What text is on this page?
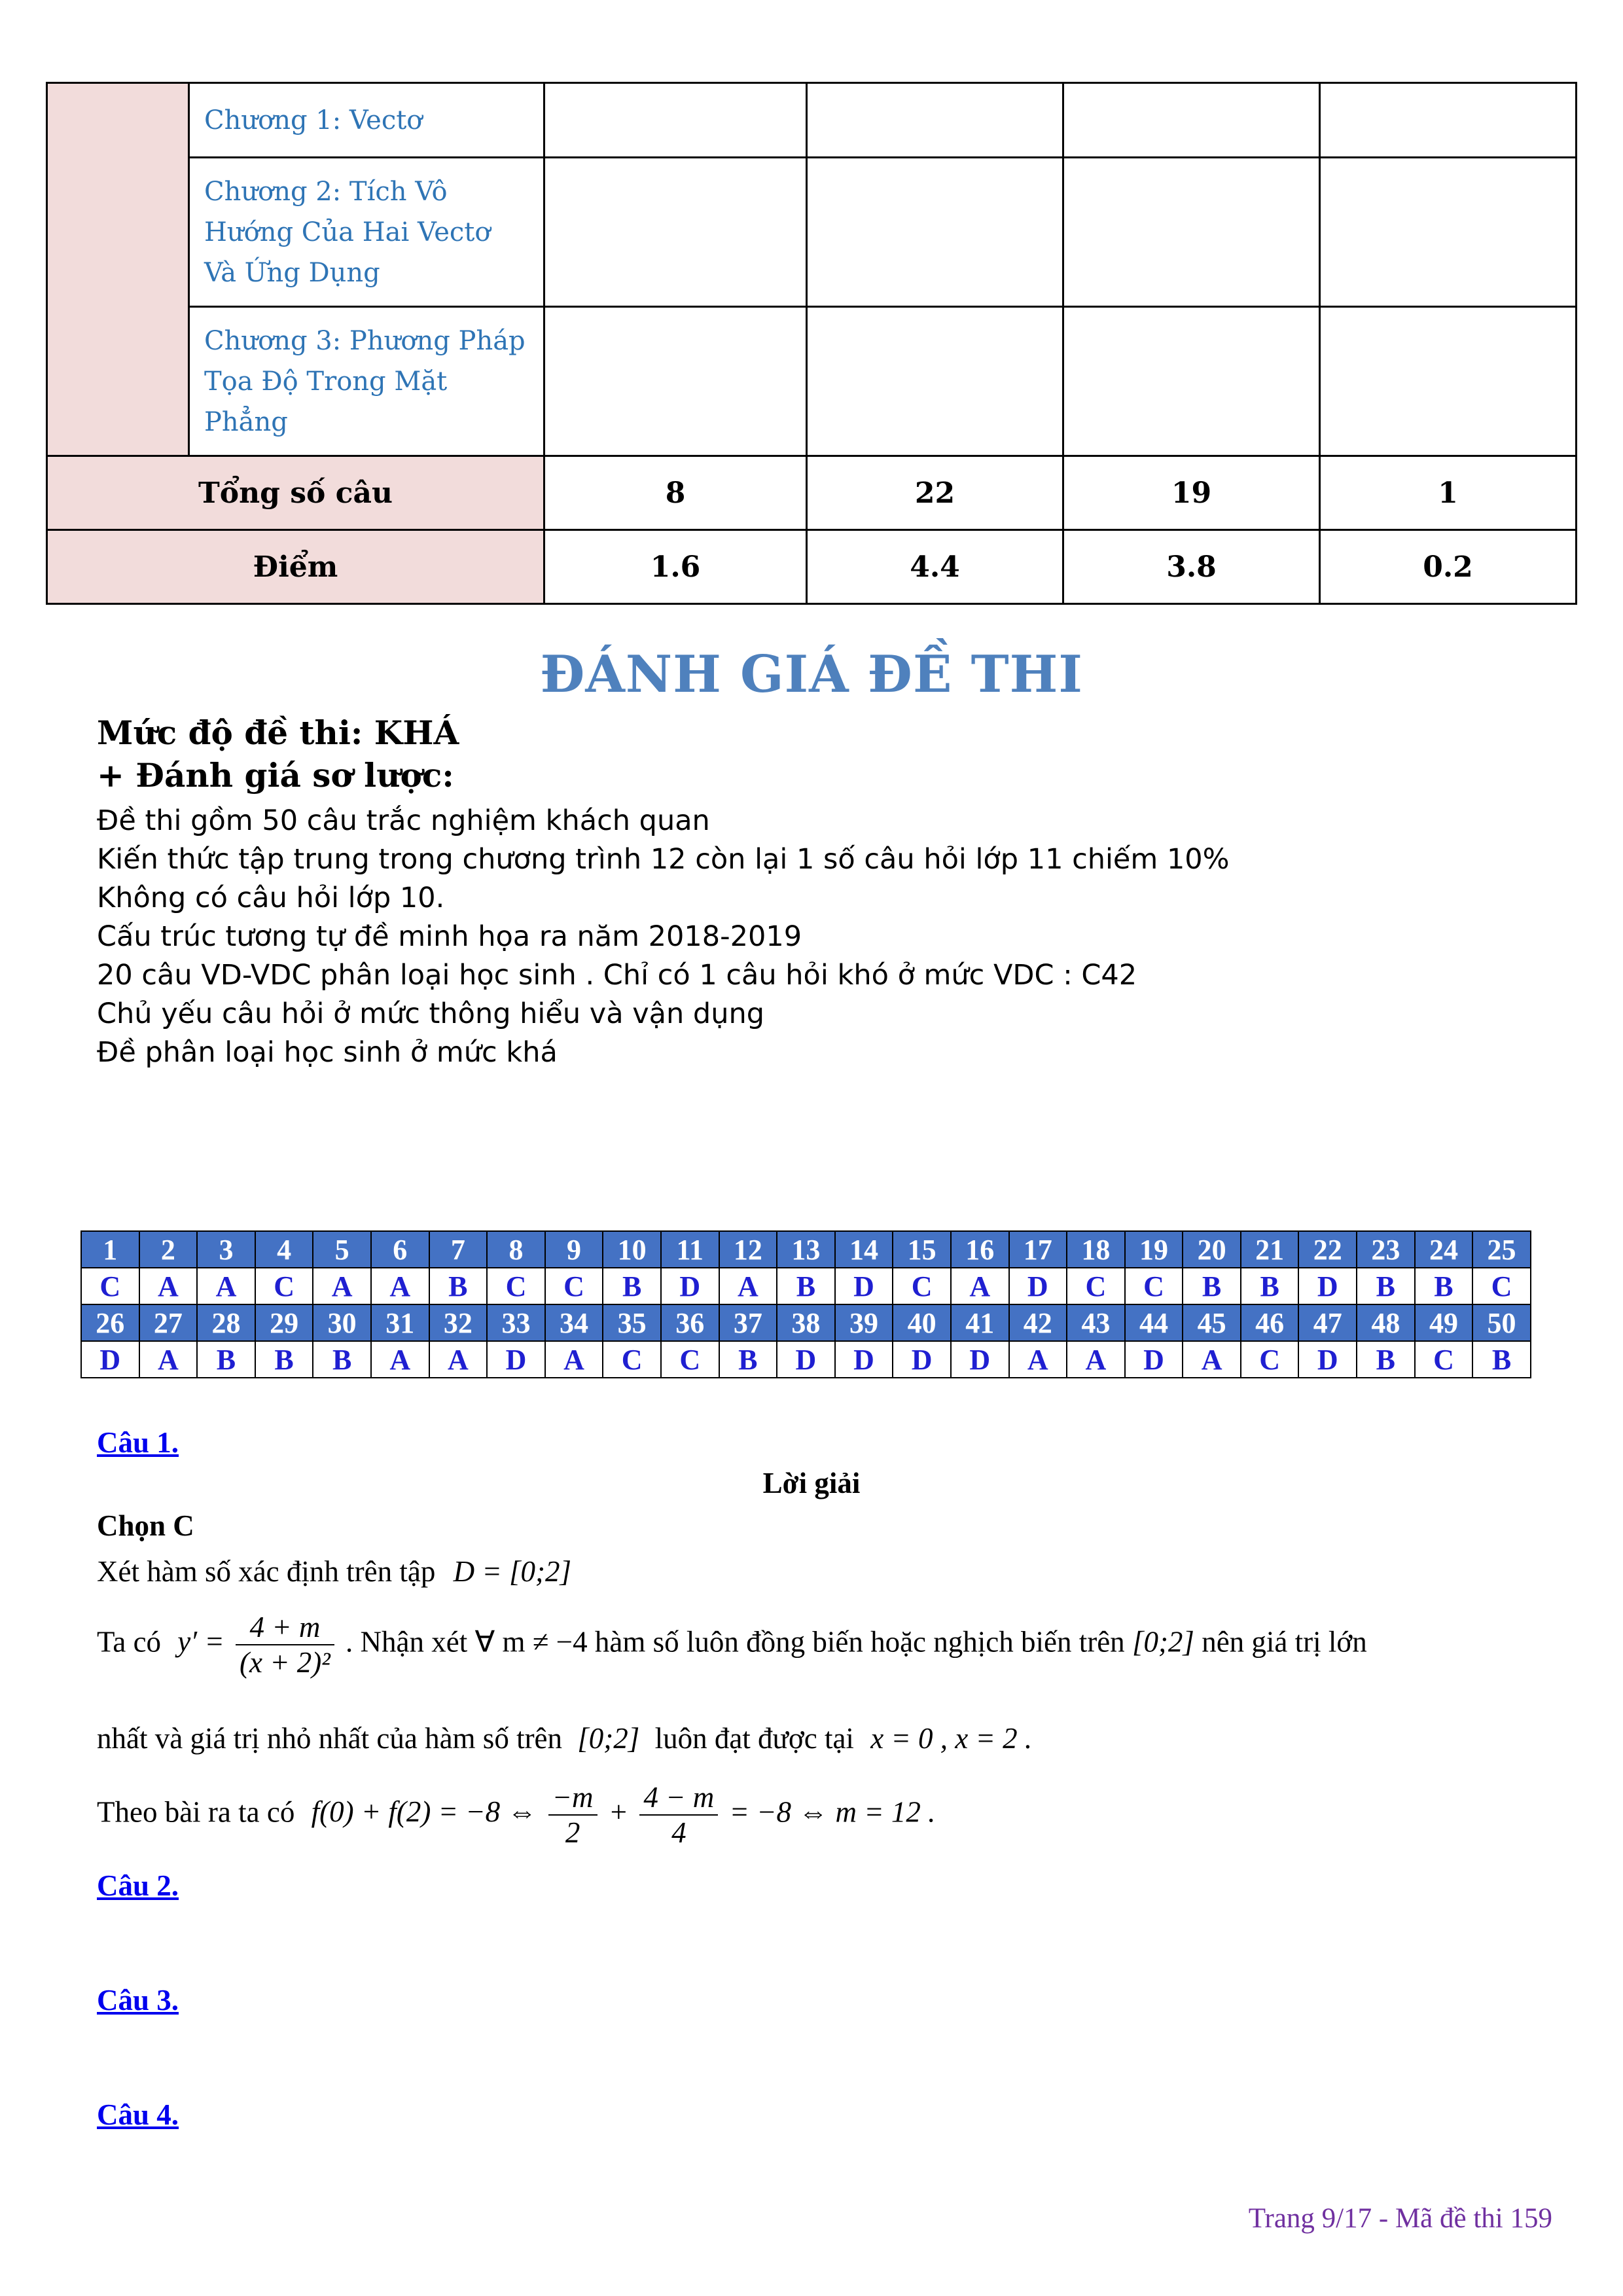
	Chương 1: Vectơ				
	Chương 2: Tích Vô Hướng Của Hai Vectơ Và Ứng Dụng				
	Chương 3: Phương Pháp Tọa Độ Trong Mặt Phẳng				
Tổng số câu		8	22	19	1
Điểm		1.6	4.4	3.8	0.2
ĐÁNH GIÁ ĐỀ THI
Mức độ đề thi: KHÁ
+ Đánh giá sơ lược:
Đề thi gồm 50 câu trắc nghiệm khách quan
Kiến thức tập trung trong chương trình 12 còn lại 1 số câu hỏi lớp 11 chiếm 10%
Không có câu hỏi lớp 10.
Cấu trúc tương tự đề minh họa ra năm 2018-2019
20 câu VD-VDC phân loại học sinh . Chỉ có 1 câu hỏi khó ở mức VDC : C42
Chủ yếu câu hỏi ở mức thông hiểu và vận dụng
Đề phân loại học sinh ở mức khá
1	2	3	4	5	6	7	8	9	10	11	12	13	14	15	16	17	18	19	20	21	22	23	24	25
C	A	A	C	A	A	B	C	C	B	D	A	B	D	C	A	D	C	C	B	B	D	B	B	C
26	27	28	29	30	31	32	33	34	35	36	37	38	39	40	41	42	43	44	45	46	47	48	49	50
D	A	B	B	B	A	A	D	A	C	C	B	D	D	D	D	A	A	D	A	C	D	B	C	B
Câu 1.
Lời giải
Chọn C
Xét hàm số xác định trên tập D = [0;2]
Ta có $y' = \frac{4 + m}{\text{(x + 2)²}}$ . Nhận xét ∀ m ≠ −4 hàm số luôn đồng biến hoặc nghịch biến trên [0;2] nên giá trị lớn
nhất và giá trị nhỏ nhất của hàm số trên [0;2] luôn đạt được tại x = 0 , x = 2 .
Theo bài ra ta có f(0) + f(2) = −8 ⇔ $\frac{-m}{2} + \frac{4 - m}{4} = -8$ ⇔ m = 12 .
Câu 2.
Câu 3.
Câu 4.
Trang 9/17 - Mã đề thi 159
